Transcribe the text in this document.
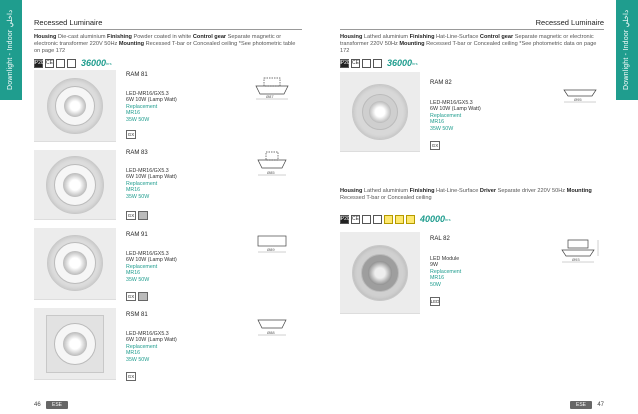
Downlight - Indoor داخلي	Recessed Luminaire
Housing Die-cast aluminium Finishing Powder coated in white Control gear Separate magnetic or electronic transformer 220V 50Hz Mounting Recessed T-bar or Concealed ceiling *See photometric table on page 172
IP20 CE	36000hrs
RAM 81
LED-MR16/GX5.3
6W 10W (Lamp Watt)
Replacement
MR16
35W 50W
GX
Ø87
RAM 83
LED-MR16/GX5.3
6W 10W (Lamp Watt)
Replacement
MR16
35W 50W
GX
Ø85
RAM 91
LED-MR16/GX5.3
6W 10W (Lamp Watt)
Replacement
MR16
35W 50W
GX
Ø89
RSM 81
LED-MR16/GX5.3
6W 10W (Lamp Watt)
Replacement
MR16
35W 50W
GX
Ø88
46	ESE
Downlight - Indoor داخلي
Recessed Luminaire
Housing Lathed aluminium Finishing Hat-Line-Surface Control gear Separate magnetic or electronic transformer 220V 50Hz Mounting Recessed T-bar or Concealed ceiling *See photometric data on page 172
IP20 CE	36000hrs
RAM 82
LED-MR16/GX5.3
6W 10W (Lamp Watt)
Replacement
MR16
35W 50W
GX
Ø95
Housing Lathed aluminium Finishing Hat-Line-Surface Driver Separate driver 220V 50Hz Mounting Recessed T-bar or Concealed ceiling
IP20 CE	40000hrs
RAL 82
LED Module
9W
Replacement
MR16
50W
LED
Ø93
ESE	47
